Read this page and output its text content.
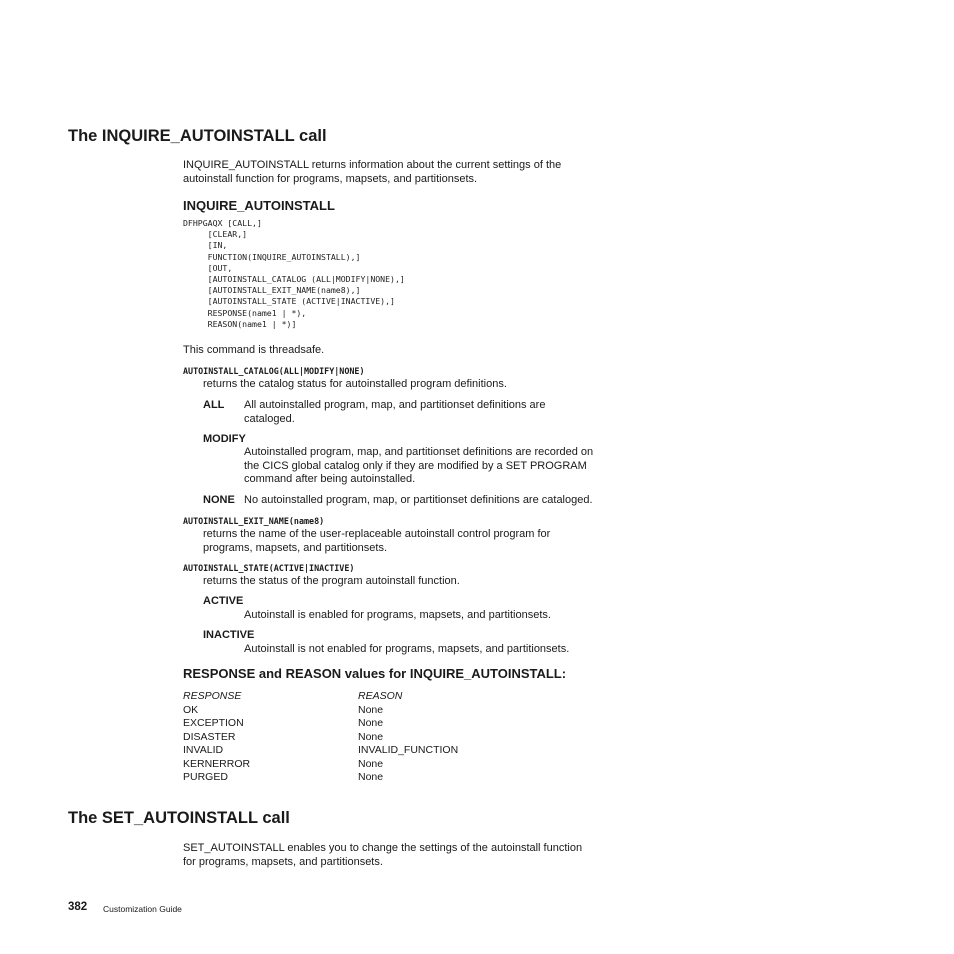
The INQUIRE_AUTOINSTALL call
INQUIRE_AUTOINSTALL returns information about the current settings of the
autoinstall function for programs, mapsets, and partitionsets.
INQUIRE_AUTOINSTALL
DFHPGAQX [CALL,]
[CLEAR,]
[IN,
FUNCTION(INQUIRE_AUTOINSTALL),]
[OUT,
[AUTOINSTALL_CATALOG (ALL|MODIFY|NONE),]
[AUTOINSTALL_EXIT_NAME(name8),]
[AUTOINSTALL_STATE (ACTIVE|INACTIVE),]
RESPONSE(name1 | *),
REASON(name1 | *)]
This command is threadsafe.
AUTOINSTALL_CATALOG(ALL|MODIFY|NONE)
returns the catalog status for autoinstalled program definitions.
ALL All autoinstalled program, map, and partitionset definitions are
cataloged.
MODIFY
Autoinstalled program, map, and partitionset definitions are recorded on
the CICS global catalog only if they are modified by a SET PROGRAM
command after being autoinstalled.
NONE No autoinstalled program, map, or partitionset definitions are cataloged.
AUTOINSTALL_EXIT_NAME(name8)
returns the name of the user-replaceable autoinstall control program for
programs, mapsets, and partitionsets.
AUTOINSTALL_STATE(ACTIVE|INACTIVE)
returns the status of the program autoinstall function.
ACTIVE
Autoinstall is enabled for programs, mapsets, and partitionsets.
INACTIVE
Autoinstall is not enabled for programs, mapsets, and partitionsets.
RESPONSE and REASON values for INQUIRE_AUTOINSTALL:
RESPONSE	REASON
OK	None
EXCEPTION	None
DISASTER	None
INVALID	INVALID_FUNCTION
KERNERROR	None
PURGED	None
The SET_AUTOINSTALL call
SET_AUTOINSTALL enables you to change the settings of the autoinstall function
for programs, mapsets, and partitionsets.
382 Customization Guide
